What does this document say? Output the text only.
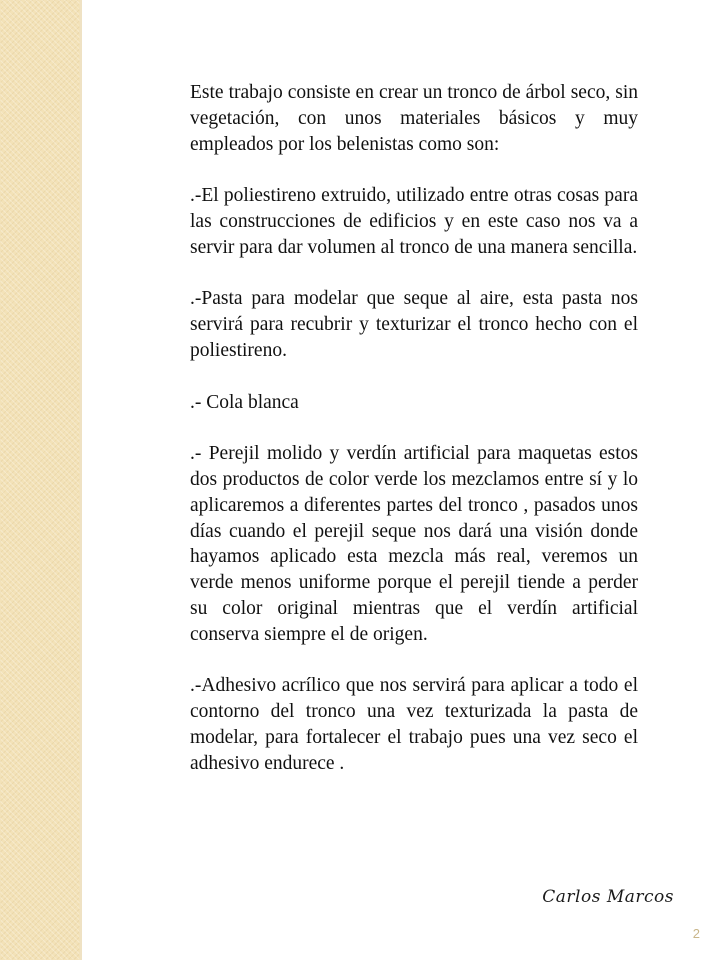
Este trabajo consiste en crear un tronco de árbol seco, sin vegetación, con unos materiales básicos y muy empleados por los belenistas como son:

.-El poliestireno extruido, utilizado entre otras cosas para las construcciones de edificios y en este caso nos va a servir para dar volumen al tronco de una manera sencilla.

.-Pasta para modelar que seque al aire, esta pasta nos servirá para recubrir y texturizar el tronco hecho con el poliestireno.

.- Cola blanca

.- Perejil molido y verdín artificial para maquetas estos dos productos de color verde los mezclamos entre sí y lo aplicaremos a diferentes partes del tronco , pasados unos días cuando el perejil seque nos dará una visión donde hayamos aplicado esta mezcla más real, veremos un verde menos uniforme porque el perejil tiende a perder su color original mientras que el verdín artificial conserva siempre el de origen.

.-Adhesivo acrílico que nos servirá para aplicar a todo el contorno del tronco una vez texturizada la pasta de modelar, para fortalecer el trabajo pues una vez seco el adhesivo endurece .

Carlos Marcos
2
